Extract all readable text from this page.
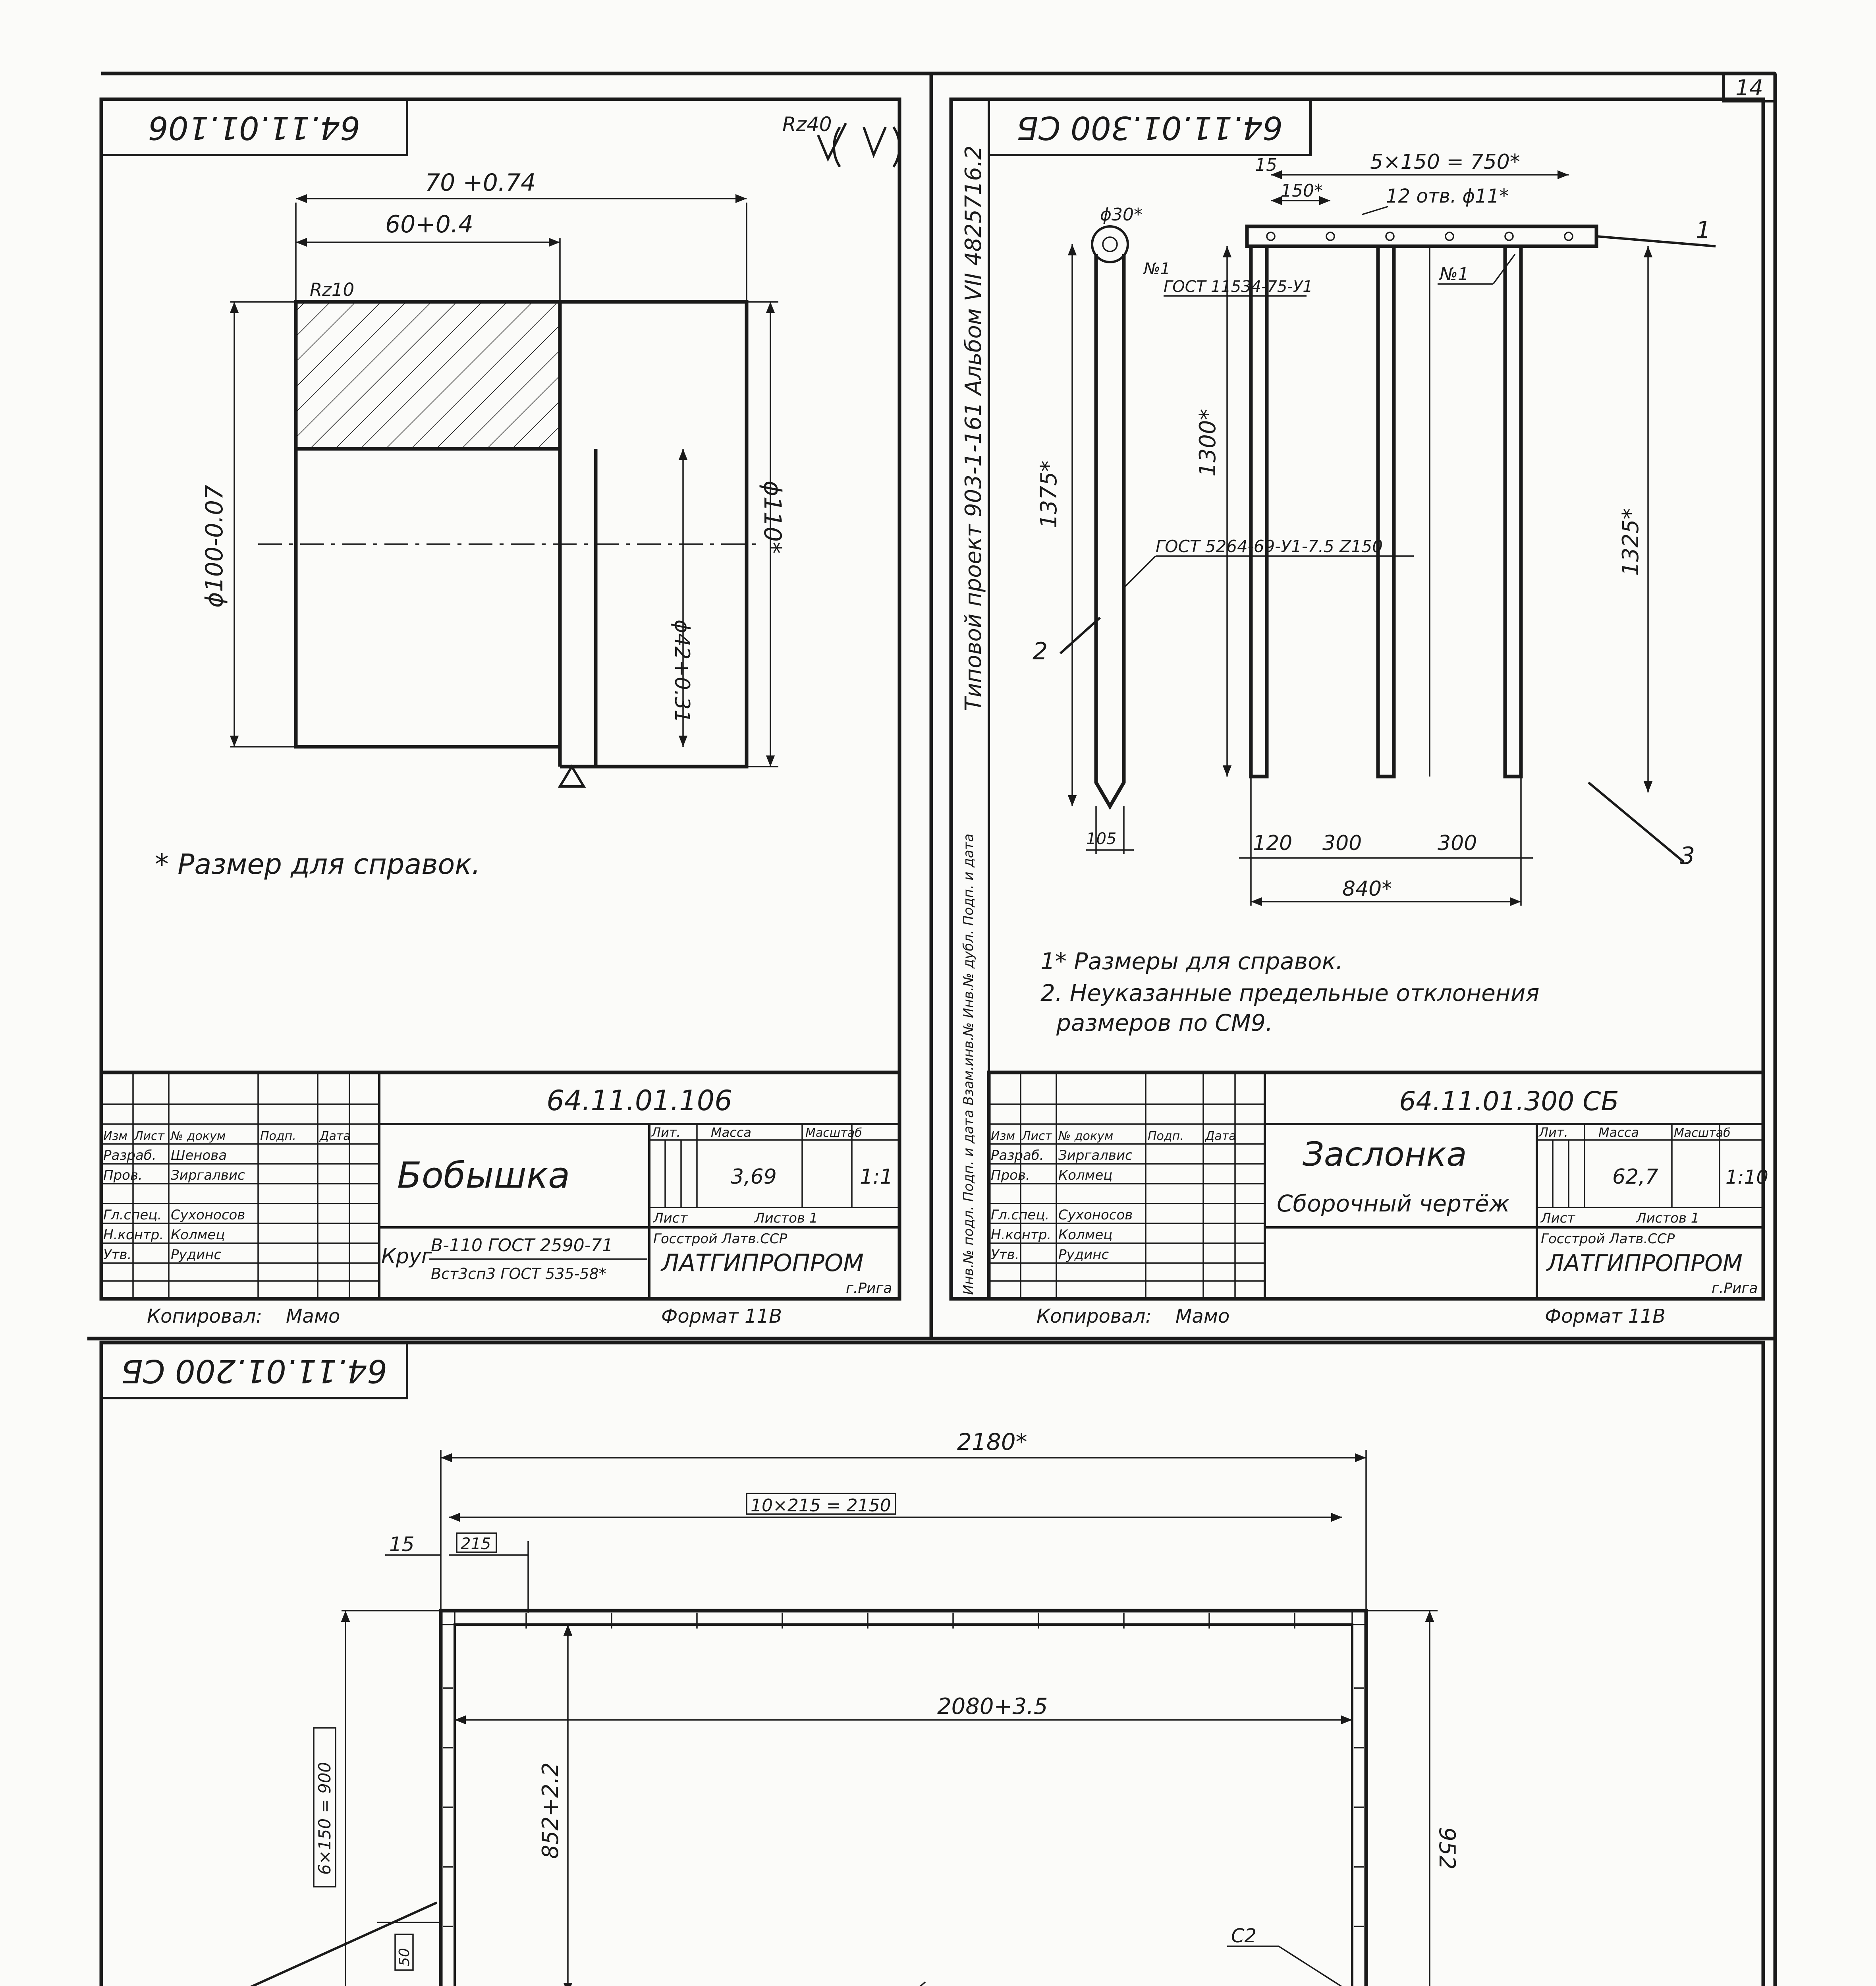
14
64.11.01.106	Rz40
70 +0.74
60+0.4
Rz10
ϕ100-0.07
ϕ42+0.31
ϕ110*
* Размер для справок.
64.11.01.106
Изм Лист № докум	Подп. Дата
Разраб. Шенова
Пров. Зиргалвис
Гл.спец. Сухоносов
Н.контр. Колмец
Утв.	Рудинс
Бобышка
Лит. Масса	Масштаб
3,69	1:1
Лист	Листов 1
Госстрой Латв.ССР
ЛАТГИПРОПРОМ
г.Рига
Круг
В-110 ГОСТ 2590-71
Вст3сп3 ГОСТ 535-58*
Копировал: Мамо	Формат 11В
64.11.01.300 СБ
Типовой проект 903-1-161 Альбом VII 4825716.2
Инв.№ подл. Подп. и дата Взам.инв.№ Инв.№ дубл. Подп. и дата
15	5×150 = 750*
150*	12 отв. ϕ11*
ϕ30*
№1
ГОСТ 11534-75-У1
№1
1
1375*
1300*
1325*
ГОСТ 5264-69-У1-7.5 Z150
2
3
105	120 300	300
840*
1* Размеры для справок.
2. Неуказанные предельные отклонения
размеров по СМ9.
64.11.01.300 СБ
Изм Лист № докум	Подп. Дата
Разраб. Зиргалвис
Пров. Колмец
Гл.спец. Сухоносов
Н.контр. Колмец
Утв.	Рудинс
Заслонка
Сборочный чертёж
Лит. Масса	Масштаб
62,7	1:10
Лист	Листов 1
Госстрой Латв.ССР
ЛАТГИПРОПРОМ
г.Рига
Копировал: Мамо	Формат 11В
64.11.01.200 СБ
2180*
10×215 = 2150
15	215
2080+3.5
852+2.2	952
6×150 = 900
50
С2
